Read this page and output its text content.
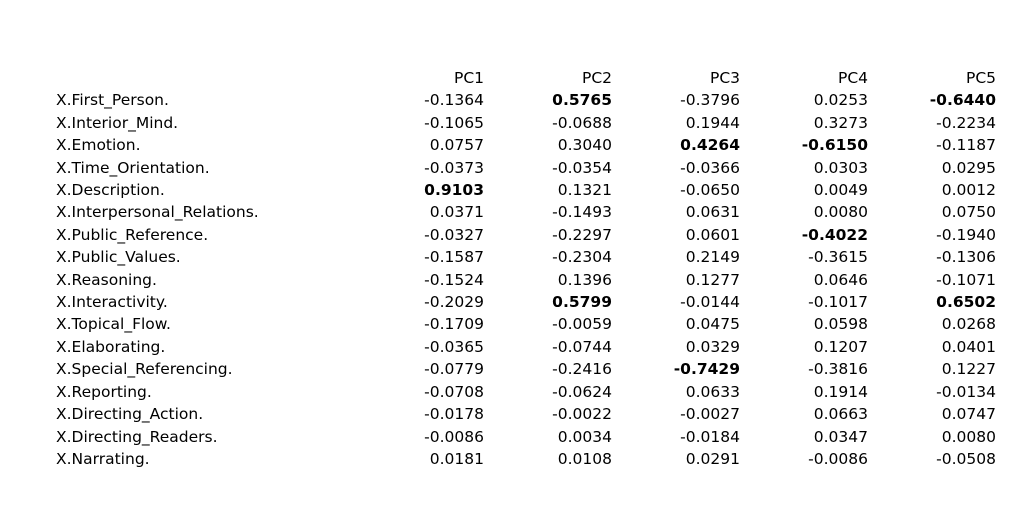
	PC1	PC2	PC3	PC4	PC5
X.First_Person.	-0.1364	0.5765	-0.3796	0.0253	-0.6440
X.Interior_Mind.	-0.1065	-0.0688	0.1944	0.3273	-0.2234
X.Emotion.	0.0757	0.3040	0.4264	-0.6150	-0.1187
X.Time_Orientation.	-0.0373	-0.0354	-0.0366	0.0303	0.0295
X.Description.	0.9103	0.1321	-0.0650	0.0049	0.0012
X.Interpersonal_Relations.	0.0371	-0.1493	0.0631	0.0080	0.0750
X.Public_Reference.	-0.0327	-0.2297	0.0601	-0.4022	-0.1940
X.Public_Values.	-0.1587	-0.2304	0.2149	-0.3615	-0.1306
X.Reasoning.	-0.1524	0.1396	0.1277	0.0646	-0.1071
X.Interactivity.	-0.2029	0.5799	-0.0144	-0.1017	0.6502
X.Topical_Flow.	-0.1709	-0.0059	0.0475	0.0598	0.0268
X.Elaborating.	-0.0365	-0.0744	0.0329	0.1207	0.0401
X.Special_Referencing.	-0.0779	-0.2416	-0.7429	-0.3816	0.1227
X.Reporting.	-0.0708	-0.0624	0.0633	0.1914	-0.0134
X.Directing_Action.	-0.0178	-0.0022	-0.0027	0.0663	0.0747
X.Directing_Readers.	-0.0086	0.0034	-0.0184	0.0347	0.0080
X.Narrating.	0.0181	0.0108	0.0291	-0.0086	-0.0508
